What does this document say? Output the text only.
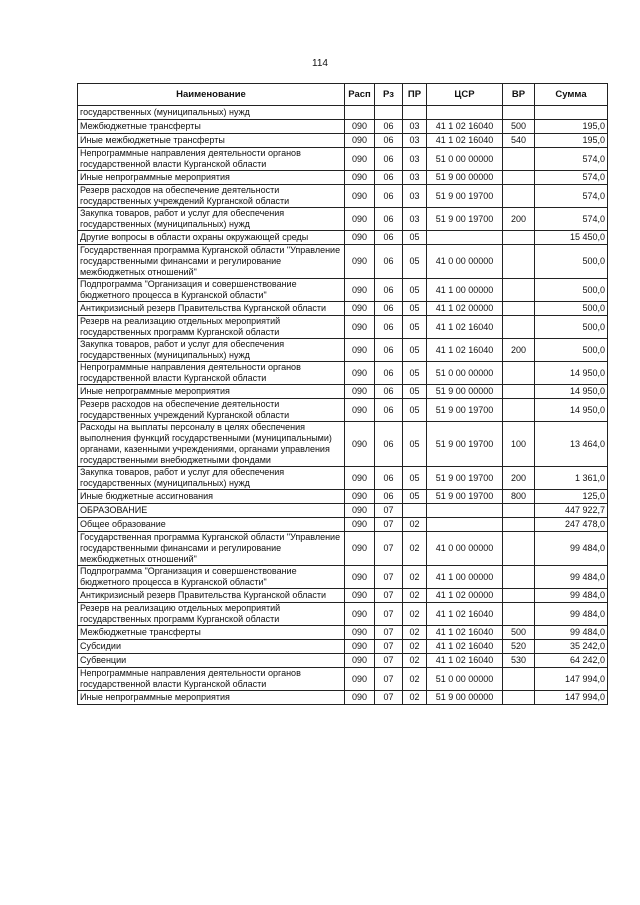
114
Наименование	Расп	Рз	ПР	ЦСР	ВР	Сумма
государственных (муниципальных) нужд						
Межбюджетные трансферты	090	06	03	41 1 02 16040	500	195,0
Иные межбюджетные трансферты	090	06	03	41 1 02 16040	540	195,0
Непрограммные направления деятельности органов государственной власти Курганской области	090	06	03	51 0 00 00000		574,0
Иные непрограммные мероприятия	090	06	03	51 9 00 00000		574,0
Резерв расходов на обеспечение деятельности государственных учреждений Курганской области	090	06	03	51 9 00 19700		574,0
Закупка товаров, работ и услуг для обеспечения государственных (муниципальных) нужд	090	06	03	51 9 00 19700	200	574,0
Другие вопросы в области охраны окружающей среды	090	06	05			15 450,0
Государственная программа Курганской области "Управление государственными финансами и регулирование межбюджетных отношений"	090	06	05	41 0 00 00000		500,0
Подпрограмма "Организация и совершенствование бюджетного процесса в Курганской области"	090	06	05	41 1 00 00000		500,0
Антикризисный резерв Правительства Курганской области	090	06	05	41 1 02 00000		500,0
Резерв на реализацию отдельных мероприятий государственных программ Курганской области	090	06	05	41 1 02 16040		500,0
Закупка товаров, работ и услуг для обеспечения государственных (муниципальных) нужд	090	06	05	41 1 02 16040	200	500,0
Непрограммные направления деятельности органов государственной власти Курганской области	090	06	05	51 0 00 00000		14 950,0
Иные непрограммные мероприятия	090	06	05	51 9 00 00000		14 950,0
Резерв расходов на обеспечение деятельности государственных учреждений Курганской области	090	06	05	51 9 00 19700		14 950,0
Расходы на выплаты персоналу в целях обеспечения выполнения функций государственными (муниципальными) органами, казенными учреждениями, органами управления государственными внебюджетными фондами	090	06	05	51 9 00 19700	100	13 464,0
Закупка товаров, работ и услуг для обеспечения государственных (муниципальных) нужд	090	06	05	51 9 00 19700	200	1 361,0
Иные бюджетные ассигнования	090	06	05	51 9 00 19700	800	125,0
ОБРАЗОВАНИЕ	090	07				447 922,7
Общее образование	090	07	02			247 478,0
Государственная программа Курганской области "Управление государственными финансами и регулирование межбюджетных отношений"	090	07	02	41 0 00 00000		99 484,0
Подпрограмма "Организация и совершенствование бюджетного процесса в Курганской области"	090	07	02	41 1 00 00000		99 484,0
Антикризисный резерв Правительства Курганской области	090	07	02	41 1 02 00000		99 484,0
Резерв на реализацию отдельных мероприятий государственных программ Курганской области	090	07	02	41 1 02 16040		99 484,0
Межбюджетные трансферты	090	07	02	41 1 02 16040	500	99 484,0
Субсидии	090	07	02	41 1 02 16040	520	35 242,0
Субвенции	090	07	02	41 1 02 16040	530	64 242,0
Непрограммные направления деятельности органов государственной власти Курганской области	090	07	02	51 0 00 00000		147 994,0
Иные непрограммные мероприятия	090	07	02	51 9 00 00000		147 994,0
